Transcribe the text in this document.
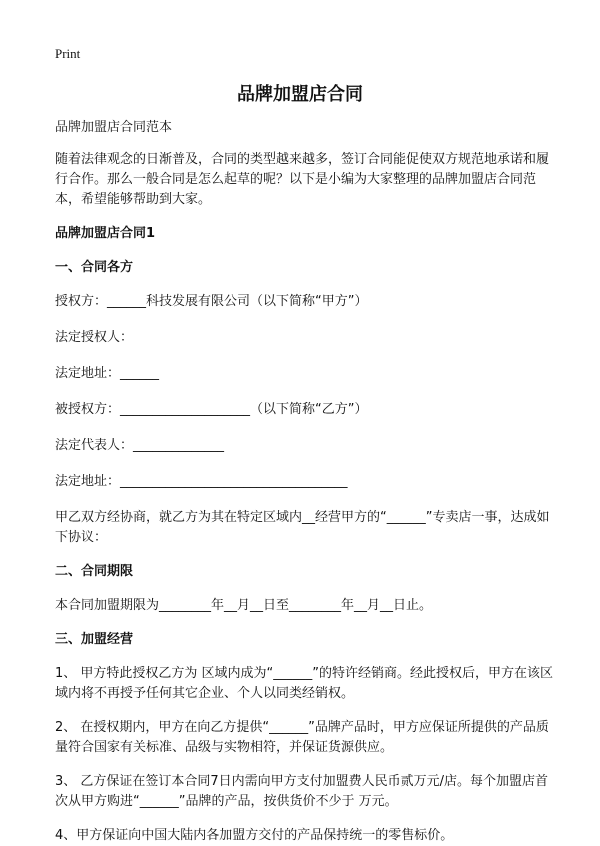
Print
品牌加盟店合同

品牌加盟店合同范本

随着法律观念的日渐普及，合同的类型越来越多，签订合同能促使双方规范地承诺和履行合作。那么一般合同是怎么起草的呢？以下是小编为大家整理的品牌加盟店合同范本，希望能够帮助到大家。

品牌加盟店合同1

一、合同各方

授权方：______科技发展有限公司（以下简称“甲方”）

法定授权人：

法定地址：______

被授权方：____________________（以下简称“乙方”）

法定代表人：______________

法定地址：___________________________________

甲乙双方经协商，就乙方为其在特定区域内__经营甲方的“______”专卖店一事，达成如下协议：

二、合同期限

本合同加盟期限为________年__月__日至________年__月__日止。

三、加盟经营

1、 甲方特此授权乙方为 区域内成为“______”的特许经销商。经此授权后，甲方在该区域内将不再授予任何其它企业、个人以同类经销权。

2、 在授权期内，甲方在向乙方提供“______”品牌产品时，甲方应保证所提供的产品质量符合国家有关标准、品级与实物相符，并保证货源供应。

3、 乙方保证在签订本合同7日内需向甲方支付加盟费人民币贰万元/店。每个加盟店首次从甲方购进“______”品牌的产品，按供货价不少于 万元。

4、甲方保证向中国大陆内各加盟方交付的产品保持统一的零售标价。
